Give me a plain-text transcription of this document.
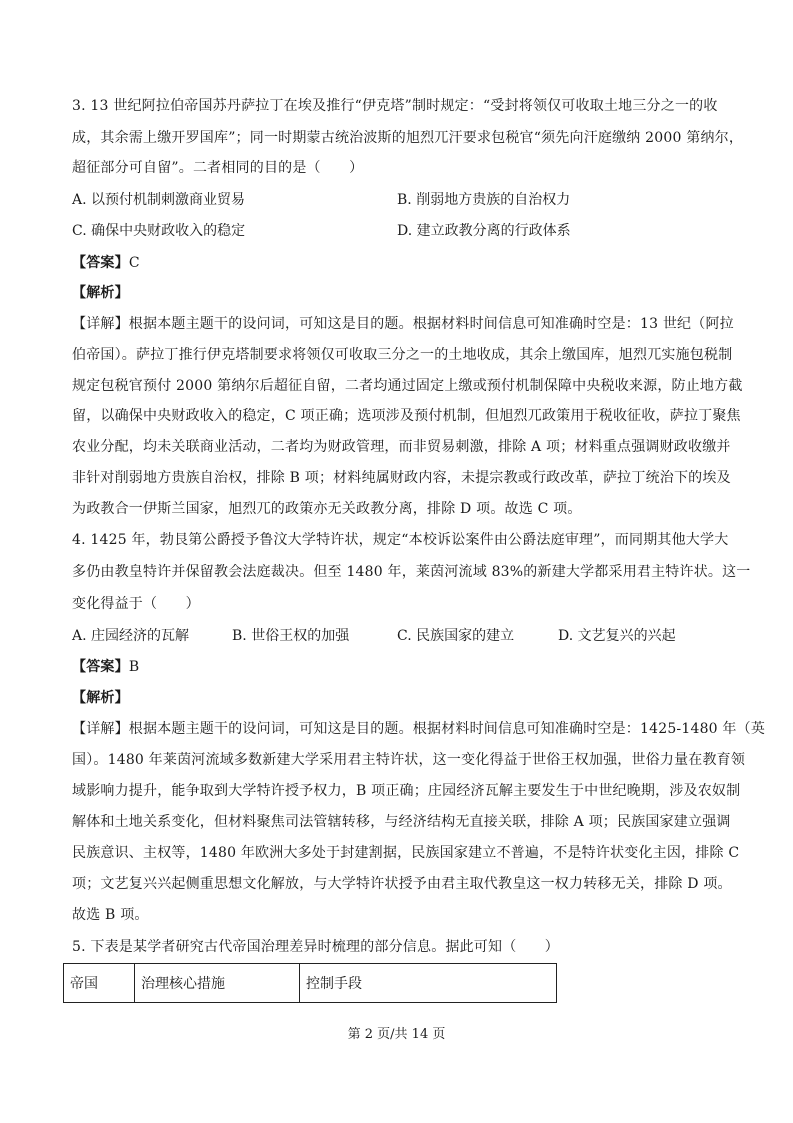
3. 13 世纪阿拉伯帝国苏丹萨拉丁在埃及推行“伊克塔”制时规定：“受封将领仅可收取土地三分之一的收
成，其余需上缴开罗国库”；同一时期蒙古统治波斯的旭烈兀汗要求包税官“须先向汗庭缴纳 2000 第纳尔，
超征部分可自留”。二者相同的目的是（　　）
A. 以预付机制刺激商业贸易	B. 削弱地方贵族的自治权力
C. 确保中央财政收入的稳定	D. 建立政教分离的行政体系
【答案】C
【解析】
【详解】根据本题主题干的设问词，可知这是目的题。根据材料时间信息可知准确时空是：13 世纪（阿拉
伯帝国）。萨拉丁推行伊克塔制要求将领仅可收取三分之一的土地收成，其余上缴国库，旭烈兀实施包税制
规定包税官预付 2000 第纳尔后超征自留，二者均通过固定上缴或预付机制保障中央税收来源，防止地方截
留，以确保中央财政收入的稳定，C 项正确；选项涉及预付机制，但旭烈兀政策用于税收征收，萨拉丁聚焦
农业分配，均未关联商业活动，二者均为财政管理，而非贸易刺激，排除 A 项；材料重点强调财政收缴并
非针对削弱地方贵族自治权，排除 B 项；材料纯属财政内容，未提宗教或行政改革，萨拉丁统治下的埃及
为政教合一伊斯兰国家，旭烈兀的政策亦无关政教分离，排除 D 项。故选 C 项。
4. 1425 年，勃艮第公爵授予鲁汶大学特许状，规定“本校诉讼案件由公爵法庭审理”，而同期其他大学大
多仍由教皇特许并保留教会法庭裁决。但至 1480 年，莱茵河流域 83%的新建大学都采用君主特许状。这一
变化得益于（　　）
A. 庄园经济的瓦解	B. 世俗王权的加强	C. 民族国家的建立	D. 文艺复兴的兴起
【答案】B
【解析】
【详解】根据本题主题干的设问词，可知这是目的题。根据材料时间信息可知准确时空是：1425-1480 年（英
国）。1480 年莱茵河流域多数新建大学采用君主特许状，这一变化得益于世俗王权加强，世俗力量在教育领
域影响力提升，能争取到大学特许授予权力，B 项正确；庄园经济瓦解主要发生于中世纪晚期，涉及农奴制
解体和土地关系变化，但材料聚焦司法管辖转移，与经济结构无直接关联，排除 A 项；民族国家建立强调
民族意识、主权等，1480 年欧洲大多处于封建割据，民族国家建立不普遍，不是特许状变化主因，排除 C
项；文艺复兴兴起侧重思想文化解放，与大学特许状授予由君主取代教皇这一权力转移无关，排除 D 项。
故选 B 项。
5. 下表是某学者研究古代帝国治理差异时梳理的部分信息。据此可知（　　）
帝国	治理核心措施	控制手段
第 2 页/共 14 页
